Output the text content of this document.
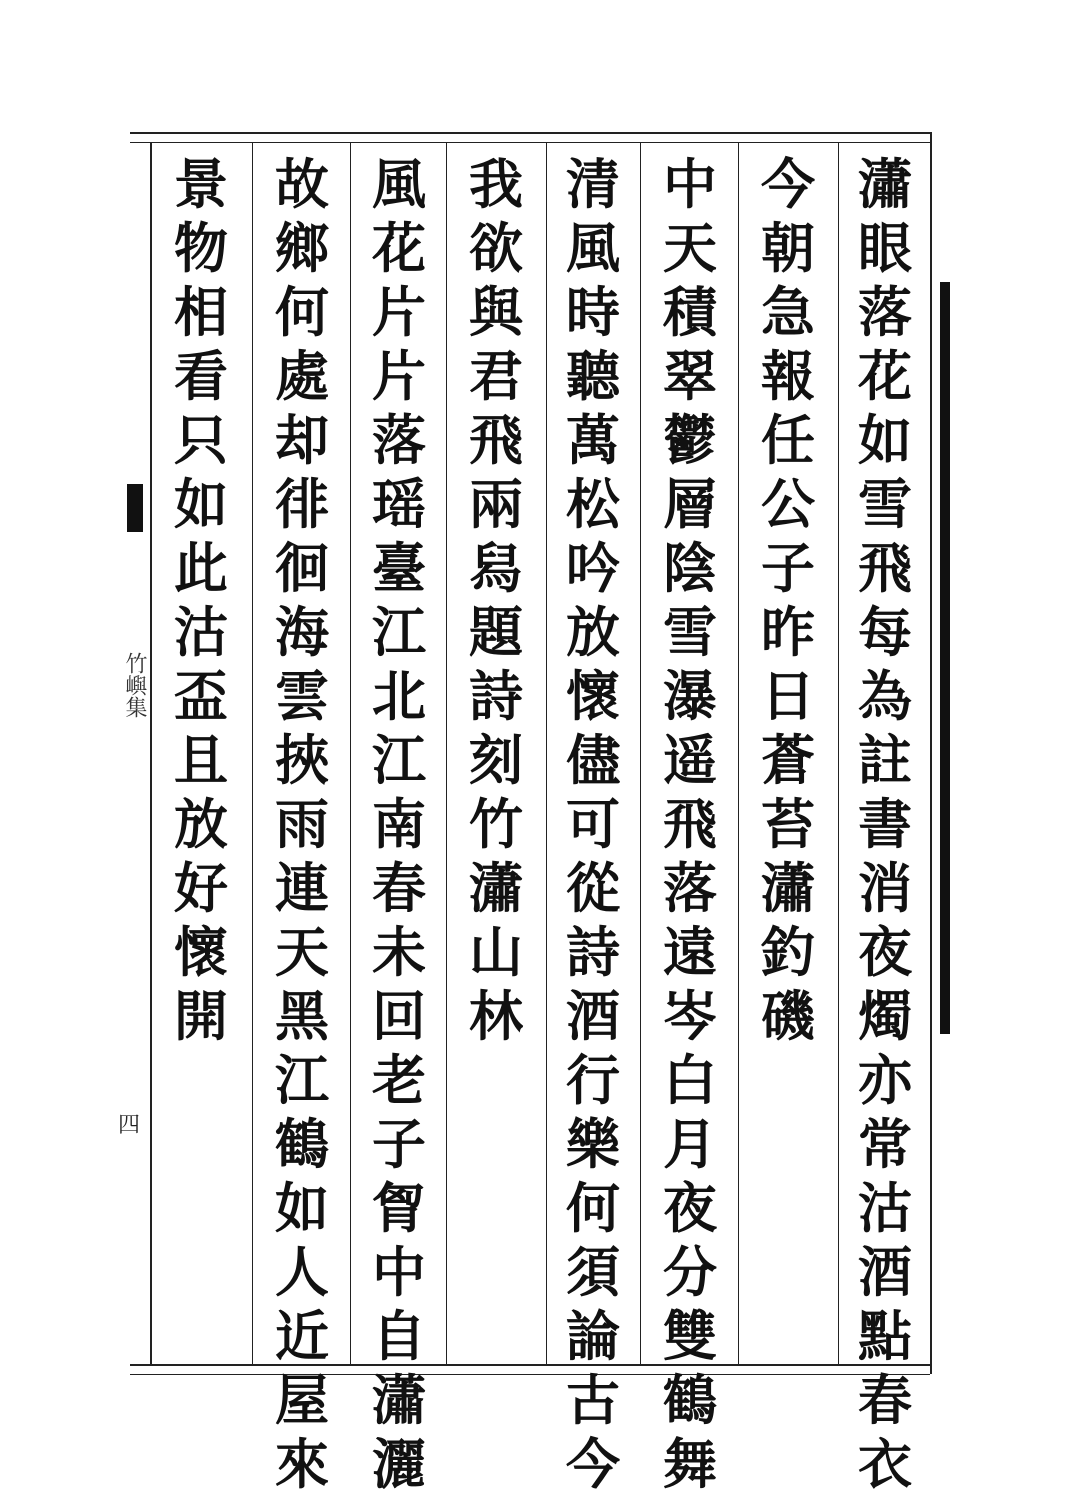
竹嶼集
四
瀟
眼
落
花
如
雪
飛
每
為
註
書
消
夜
燭
亦
常
沽
酒
點
春
衣
今
朝
急
報
任
公
子
昨
日
蒼
苔
瀟
釣
磯
中
天
積
翠
鬱
層
陰
雪
瀑
遥
飛
落
遠
岑
白
月
夜
分
雙
鶴
舞
清
風
時
聽
萬
松
吟
放
懷
儘
可
從
詩
酒
行
樂
何
須
論
古
今
我
欲
與
君
飛
兩
舄
題
詩
刻
竹
瀟
山
林
風
花
片
片
落
瑶
臺
江
北
江
南
春
未
回
老
子
胷
中
自
瀟
灑
故
鄉
何
處
却
徘
徊
海
雲
挾
雨
連
天
黑
江
鶴
如
人
近
屋
來
景
物
相
看
只
如
此
沽
盃
且
放
好
懷
開
